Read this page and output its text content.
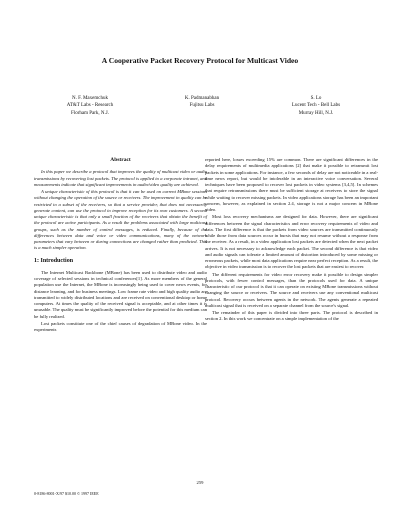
A Cooperative Packet Recovery Protocol for Multicast Video
N. F. Maxemchuk
AT&T Labs - Research
Florham Park, N.J.
K. Padmanabhan
Fujitsu Labs
S. Lo
Lucent Tech - Bell Labs
Murray Hill, N.J.
Abstract

In this paper we describe a protocol that improves the quality of multicast video or audio transmissions by recovering lost packets. The protocol is applied to a corporate intranet, and measurements indicate that significant improvements in audio/video quality are achieved.

A unique characteristic of this protocol is that it can be used on current MBone sessions without changing the operation of the source or receivers. The improvement in quality can be restricted to a subset of the receivers, so that a service provider, that does not necessarily generate content, can use the protocol to improve reception for its own customers. A second unique characteristic is that only a small fraction of the receivers that obtain the benefit of the protocol are active participants. As a result the problems associated with large multicast groups, such as the number of control messages, is reduced. Finally, because of the differences between data and voice or video communications, many of the network parameters that vary between or during connections are changed rather than predicted. This is a much simpler operation.

1: Introduction

The Internet Multicast Backbone (MBone) has been used to distribute video and audio coverage of selected sessions in technical conferences[1]. As more members of the general population use the Internet, the MBone is increasingly being used to cover news events, for distance learning, and for business meetings. Low frame rate video and high quality audio are transmitted to widely distributed locations and are received on conventional desktop or home computers. At times the quality of the received signal is acceptable, and at other times it is unusable. The quality must be significantly improved before the potential for this medium can be fully realized.

Lost packets constitute one of the chief causes of degradation of MBone video. In the experiments

reported here, losses exceeding 15% are common. There are significant differences in the delay requirements of multimedia applications [2] that make it possible to retransmit lost packets in some applications. For instance, a few seconds of delay are not noticeable in a real-time news report, but would be intolerable in an interactive voice conversation. Several techniques have been proposed to recover lost packets in video systems [3,4,5]. In schemes that require retransmissions there must be sufficient storage at receivers to store the signal while waiting to recover missing packets. In video applications storage has been an important concern, however, as explained in section 2.4, storage is not a major concern in MBone video.

Most loss recovery mechanisms are designed for data. However, there are significant differences between the signal characteristics and error recovery requirements of video and data. The first difference is that the packets from video sources are transmitted continuously while those from data sources occur in bursts that may not resume without a response from the receiver. As a result, in a video application lost packets are detected when the next packet arrives. It is not necessary to acknowledge each packet. The second difference is that video and audio signals can tolerate a limited amount of distortion introduced by some missing or erroneous packets, while most data applications require near perfect reception. As a result, the objective in video transmission is to recover the lost packets that are easiest to recover.

The different requirements for video error recovery make it possible to design simpler protocols, with fewer control messages, than the protocols used for data. A unique characteristic of our protocol is that it can operate on existing MBone transmissions without changing the source or receivers. The source and receivers use any conventional multicast protocol. Recovery occurs between agents in the network. The agents generate a repeated multicast signal that is received on a separate channel from the source's signal.

The remainder of this paper is divided into three parts. The protocol is described in section 2. In this work we concentrate on a simple implementation of the

259
0-8186-8001-X/97 $10.00 © 1997 IEEE
